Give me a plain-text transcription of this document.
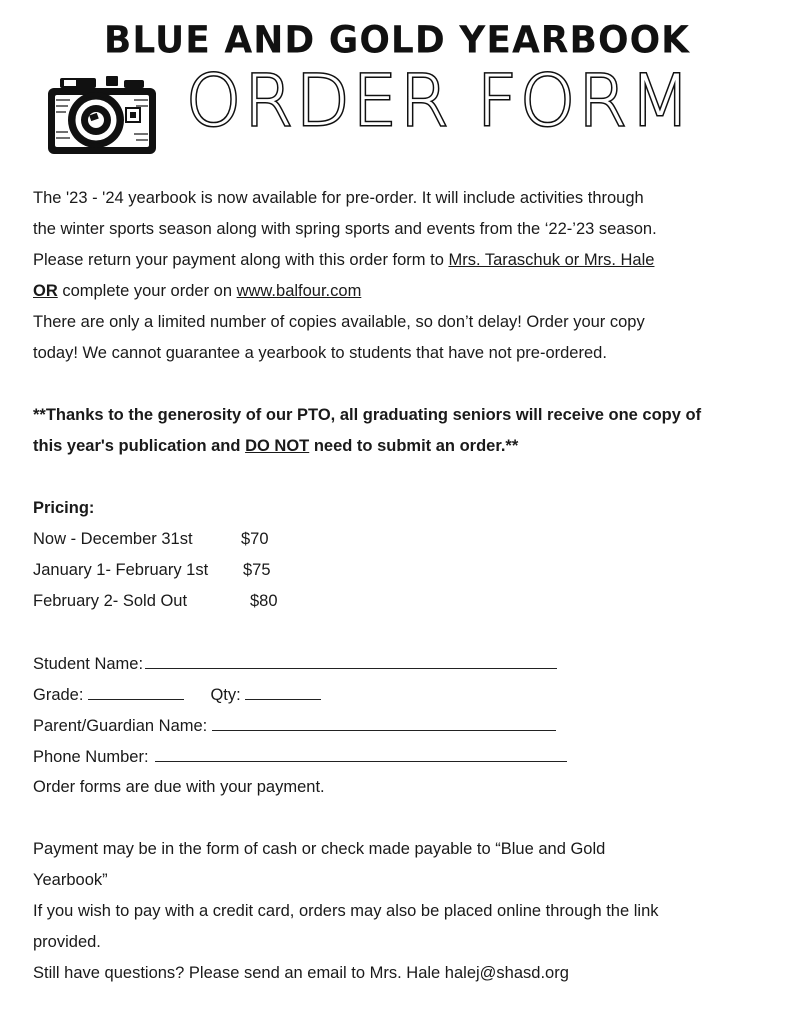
BLUE AND GOLD YEARBOOK
ORDER FORM
The '23 - '24 yearbook is now available for pre-order. It will include activities through
the winter sports season along with spring sports and events from the ‘22-’23 season.
Please return your payment along with this order form to Mrs. Taraschuk or Mrs. Hale
OR complete your order on www.balfour.com
There are only a limited number of copies available, so don’t delay! Order your copy
today! We cannot guarantee a yearbook to students that have not pre-ordered.
**Thanks to the generosity of our PTO, all graduating seniors will receive one copy of
this year's publication and DO NOT need to submit an order.**
Pricing:
Now - December 31st	$70
January 1- February 1st	$75
February 2- Sold Out	$80
Student Name:
Grade:	Qty:
Parent/Guardian Name:
Phone Number:
Order forms are due with your payment.
Payment may be in the form of cash or check made payable to “Blue and Gold
Yearbook”
If you wish to pay with a credit card, orders may also be placed online through the link
provided.
Still have questions? Please send an email to Mrs. Hale halej@shasd.org
